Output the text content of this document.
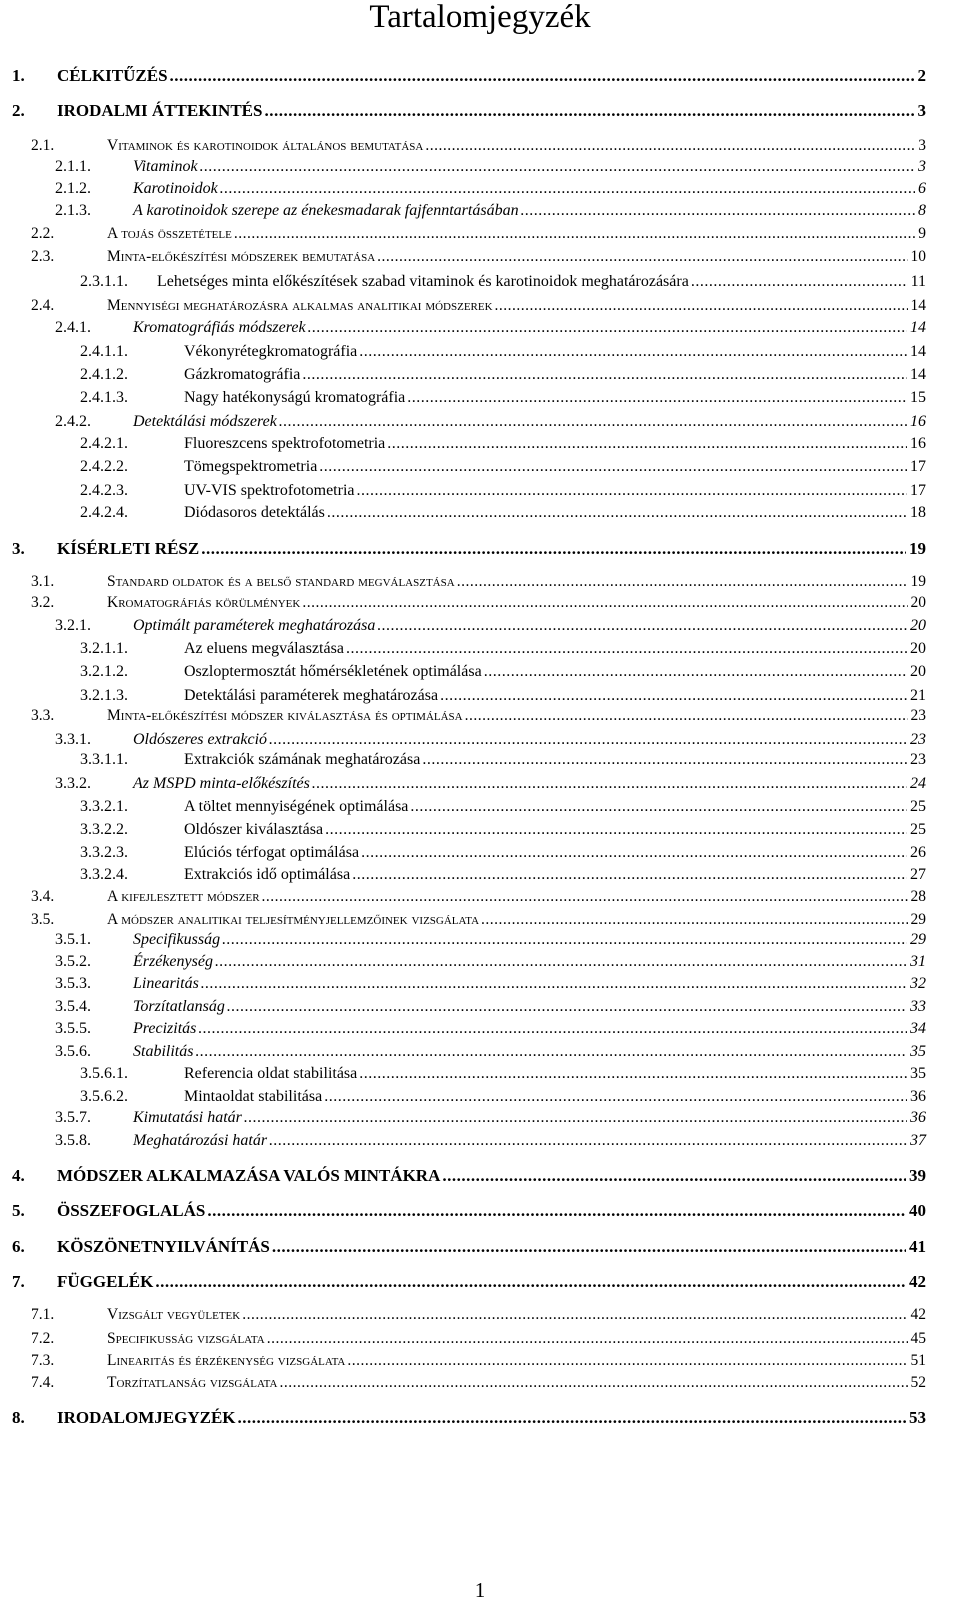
Tartalomjegyzék
1. CÉLKITŰZÉS .....	2
2. IRODALMI ÁTTEKINTÉS .....	3
2.1.	Vitaminok és karotinoidok általános bemutatása .....	3
2.1.1.	Vitaminok .....	3
2.1.2.	Karotinoidok .....	6
2.1.3.	A karotinoidok szerepe az énekesmadarak fajfenntartásában .....	8
2.2.	A tojás összetétele .....	9
2.3.	Minta-előkészítési módszerek bemutatása .....	10
2.3.1.1. Lehetséges minta előkészítések szabad vitaminok és karotinoidok meghatározására .....	11
2.4.	Mennyiségi meghatározásra alkalmas analitikai módszerek .....	14
2.4.1.	Kromatográfiás módszerek .....	14
2.4.1.1.	Vékonyrétegkromatográfia .....	14
2.4.1.2.	Gázkromatográfia .....	14
2.4.1.3.	Nagy hatékonyságú kromatográfia .....	15
2.4.2.	Detektálási módszerek .....	16
2.4.2.1.	Fluoreszcens spektrofotometria .....	16
2.4.2.2.	Tömegspektrometria .....	17
2.4.2.3.	UV-VIS spektrofotometria .....	17
2.4.2.4.	Diódasoros detektálás .....	18
3. KÍSÉRLETI RÉSZ .....	19
3.1.	Standard oldatok és a belső standard megválasztása .....	19
3.2.	Kromatográfiás körülmények .....	20
3.2.1.	Optimált paraméterek meghatározása .....	20
3.2.1.1.	Az eluens megválasztása .....	20
3.2.1.2.	Oszloptermosztát hőmérsékletének optimálása .....	20
3.2.1.3.	Detektálási paraméterek meghatározása .....	21
3.3.	Minta-előkészítési módszer kiválasztása és optimálása .....	23
3.3.1.	Oldószeres extrakció .....	23
3.3.1.1.	Extrakciók számának meghatározása .....	23
3.3.2.	Az MSPD minta-előkészítés .....	24
3.3.2.1.	A töltet mennyiségének optimálása .....	25
3.3.2.2.	Oldószer kiválasztása .....	25
3.3.2.3.	Elúciós térfogat optimálása .....	26
3.3.2.4.	Extrakciós idő optimálása .....	27
3.4.	A kifejlesztett módszer .....	28
3.5.	A módszer analitikai teljesítményjellemzőinek vizsgálata .....	29
3.5.1.	Specifikusság .....	29
3.5.2.	Érzékenység .....	31
3.5.3.	Linearitás .....	32
3.5.4.	Torzítatlanság .....	33
3.5.5.	Precizitás .....	34
3.5.6.	Stabilitás .....	35
3.5.6.1.	Referencia oldat stabilitása .....	35
3.5.6.2.	Mintaoldat stabilitása .....	36
3.5.7.	Kimutatási határ .....	36
3.5.8.	Meghatározási határ .....	37
4. MÓDSZER ALKALMAZÁSA VALÓS MINTÁKRA .....	39
5. ÖSSZEFOGLALÁS .....	40
6. KÖSZÖNETNYILVÁNÍTÁS .....	41
7. FÜGGELÉK .....	42
7.1.	Vizsgált vegyületek .....	42
7.2.	Specifikusság vizsgálata .....	45
7.3.	Linearitás és érzékenység vizsgálata .....	51
7.4.	Torzítatlanság vizsgálata .....	52
8. IRODALOMJEGYZÉK .....	53
1
